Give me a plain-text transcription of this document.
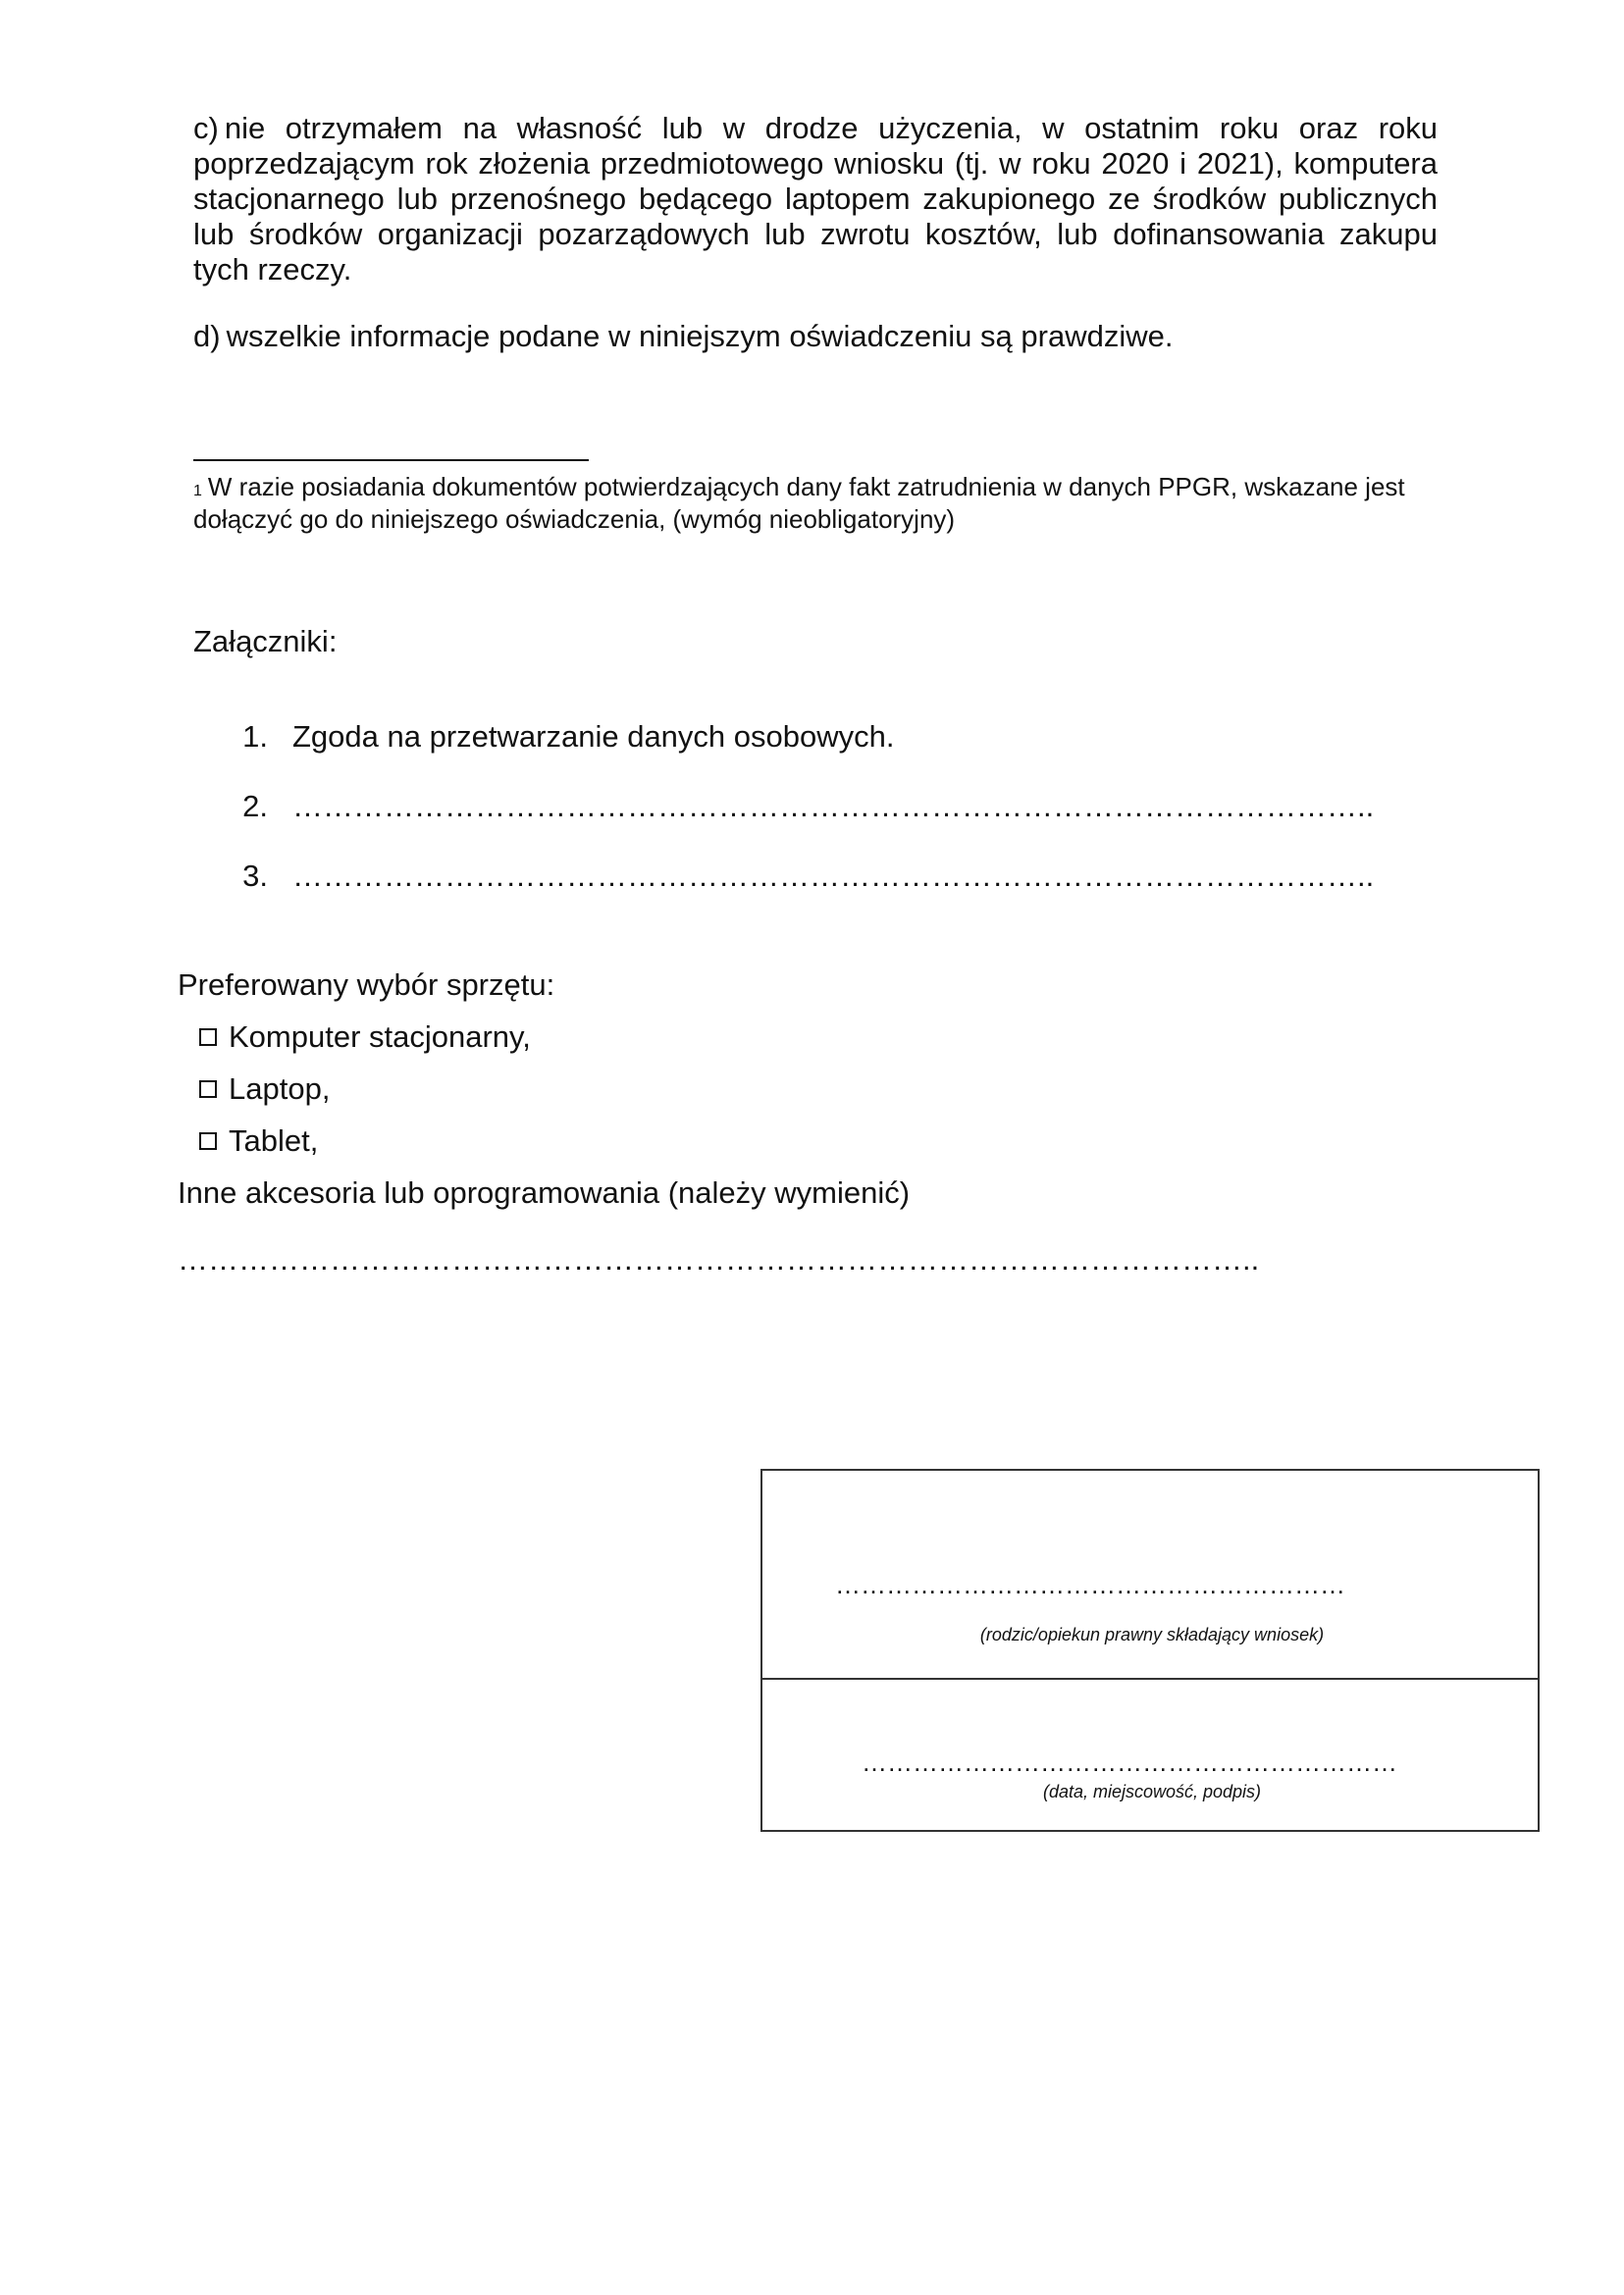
c) nie otrzymałem na własność lub w drodze użyczenia, w ostatnim roku oraz roku poprzedzającym rok złożenia przedmiotowego wniosku (tj. w roku 2020 i 2021), komputera stacjonarnego lub przenośnego będącego laptopem zakupionego ze środków publicznych lub środków organizacji pozarządowych lub zwrotu kosztów, lub dofinansowania zakupu tych rzeczy.

d) wszelkie informacje podane w niniejszym oświadczeniu są prawdziwe.

$^1$ W razie posiadania dokumentów potwierdzających dany fakt zatrudnienia w danych PPGR, wskazane jest dołączyć go do niniejszego oświadczenia, (wymóg nieobligatoryjny)
Załączniki:
1. Zgoda na przetwarzanie danych osobowych.
2. ……………………………………………………………………………………………..
3. ……………………………………………………………………………………………..
Preferowany wybór sprzętu:
Komputer stacjonarny,
Laptop,
Tablet,
Inne akcesoria lub oprogramowania (należy wymienić)
……………………………………………………………………………………………..
……………………………………………………
(rodzic/opiekun prawny składający wniosek)
………………………………………………………
(data, miejscowość, podpis)
